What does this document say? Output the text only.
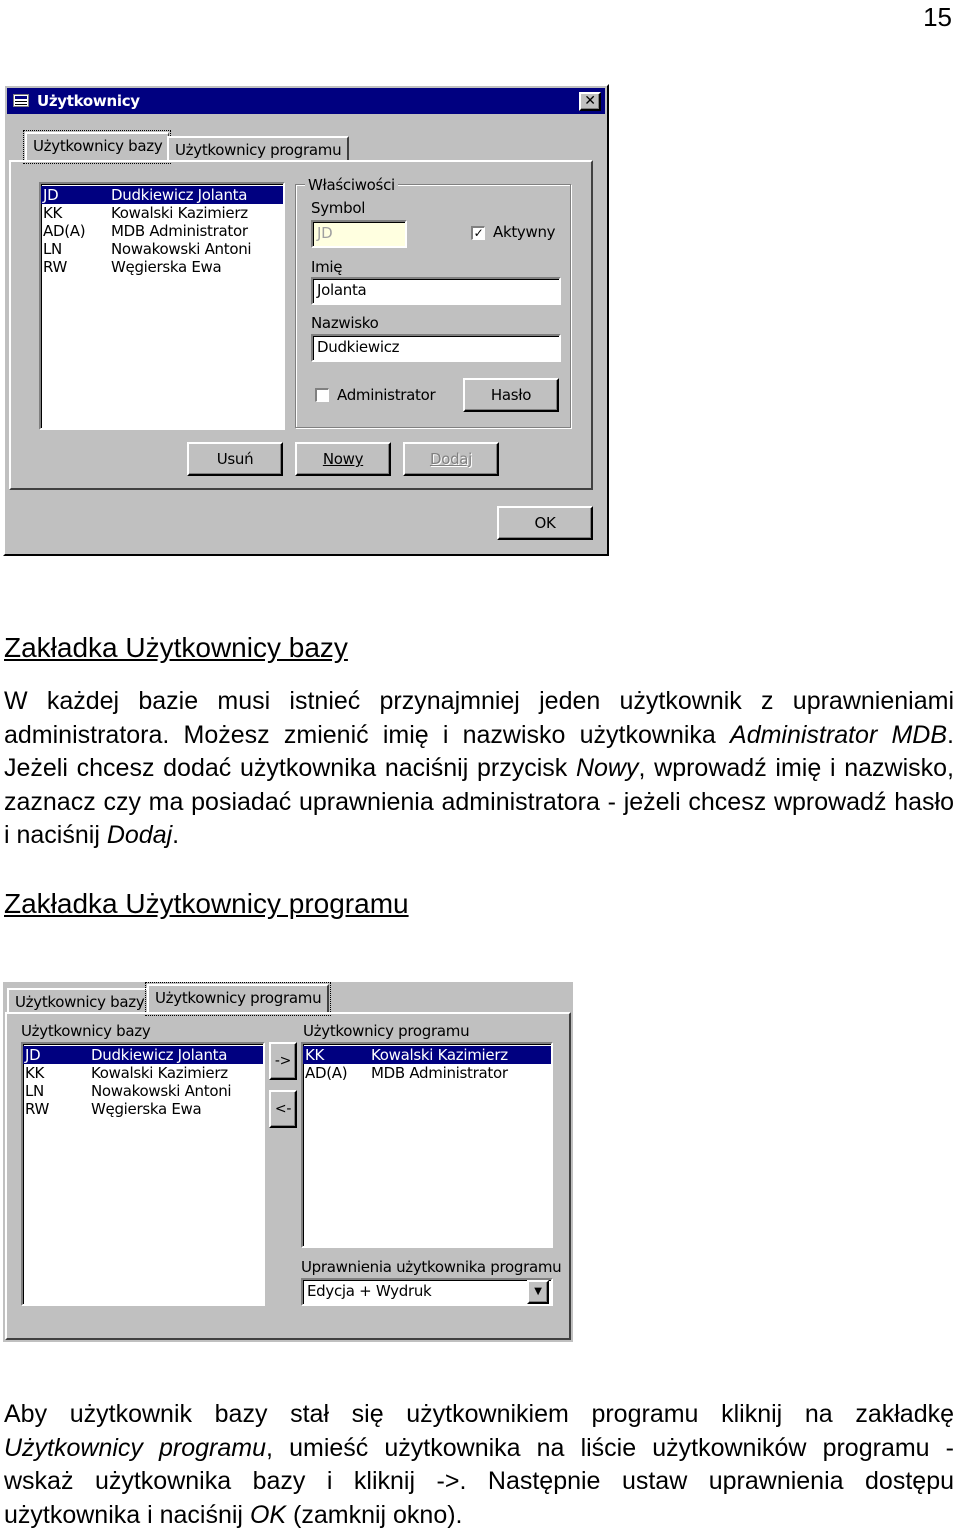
15
Użytkownicy	✕
Użytkownicy bazy Użytkownicy programu
JD	Dudkiewicz Jolanta
KK	Kowalski Kazimierz
AD(A) MDB Administrator
LN	Nowakowski Antoni
RW	Węgierska Ewa
Właściwości
Symbol
JD	✓ Aktywny
Imię
Jolanta
Nazwisko
Dudkiewicz
Administrator	Hasło
Usuń	Nowy	Dodaj
OK
Zakładka Użytkownicy bazy
W każdej bazie musi istnieć przynajmniej jeden użytkownik z uprawnieniami administratora. Możesz zmienić imię i nazwisko użytkownika Administrator MDB. Jeżeli chcesz dodać użytkownika naciśnij przycisk Nowy, wprowadź imię i nazwisko, zaznacz czy ma posiadać uprawnienia administratora - jeżeli chcesz wprowadź hasło i naciśnij Dodaj.
Zakładka Użytkownicy programu
Użytkownicy bazy Użytkownicy programu
Użytkownicy bazy
JD	Dudkiewicz Jolanta
KK	Kowalski Kazimierz
LN	Nowakowski Antoni
RW	Węgierska Ewa
->
<-
Użytkownicy programu
KK	Kowalski Kazimierz
AD(A) MDB Administrator
Uprawnienia użytkownika programu
Edycja + Wydruk	▼
Aby użytkownik bazy stał się użytkownikiem programu kliknij na zakładkę Użytkownicy programu, umieść użytkownika na liście użytkowników programu - wskaż użytkownika bazy i kliknij ->. Następnie ustaw uprawnienia dostępu użytkownika i naciśnij OK (zamknij okno).
